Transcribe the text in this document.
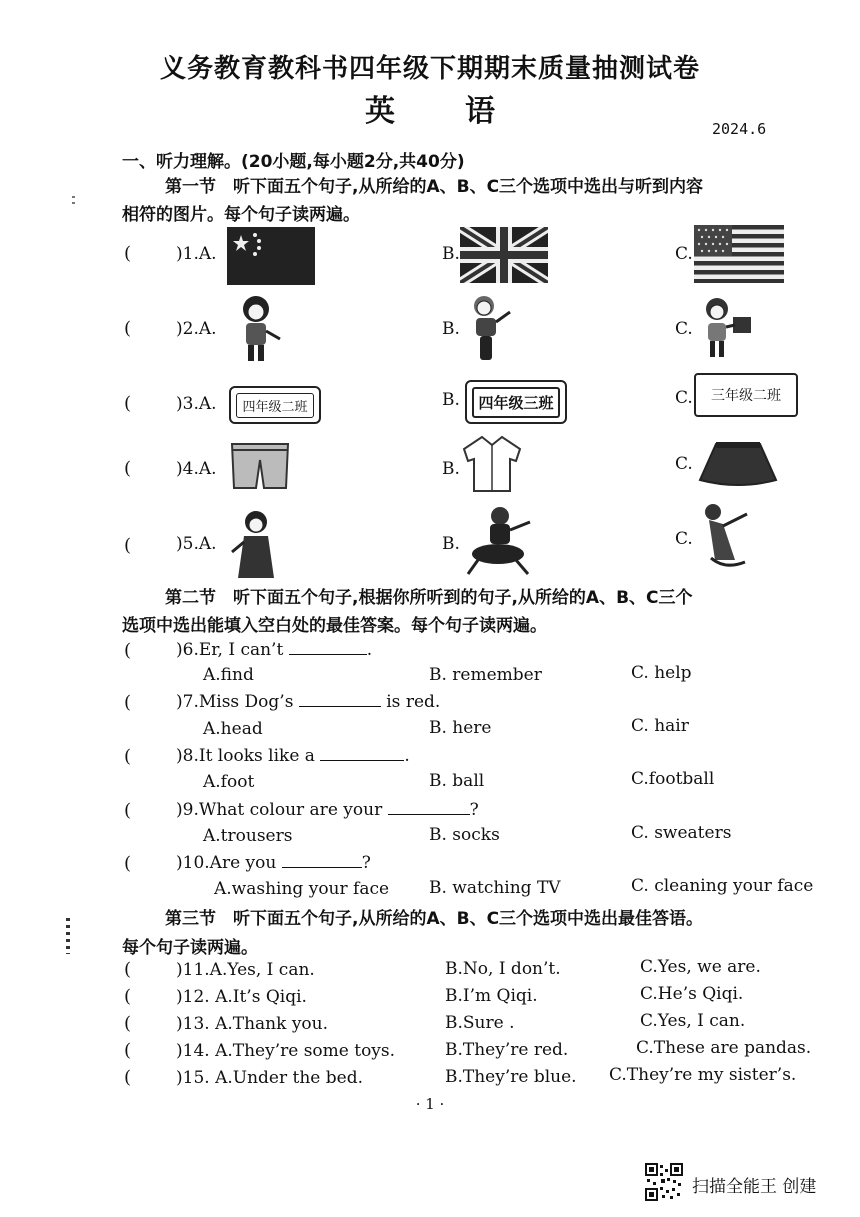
义务教育教科书四年级下期期末质量抽测试卷
英语	2024.6
一、听力理解。(20小题,每小题2分,共40分)
第一节　听下面五个句子,从所给的A、B、C三个选项中选出与听到内容
相符的图片。每个句子读两遍。
(	)1.A.	B.	C.
(	)2.A.	B.	C.
(	)3.A.	四年级二班	B.	四年级三班	C. 三年级二班
(	)4.A.	B.	C.
(	)5.A.	B.	C.
第二节　听下面五个句子,根据你所听到的句子,从所给的A、B、C三个
选项中选出能填入空白处的最佳答案。每个句子读两遍。
(	)6.Er, I can’t	.
A.find	B. remember	C. help
(	)7.Miss Dog’s	is red.
A.head	B. here	C. hair
(	)8.It looks like a	.
A.foot	B. ball	C.football
(	)9.What colour are your	?
A.trousers	B. socks	C. sweaters
(	)10.Are you	?
A.washing your face B. watching TV	C. cleaning your face
第三节　听下面五个句子,从所给的A、B、C三个选项中选出最佳答语。
每个句子读两遍。
(	)11.A.Yes, I can.	B.No, I don’t.	C.Yes, we are.
(	)12. A.It’s Qiqi.	B.I’m Qiqi.	C.He’s Qiqi.
(	)13. A.Thank you.	B.Sure .	C.Yes, I can.
(	)14. A.They’re some toys.	B.They’re red.	C.These are pandas.
(	)15. A.Under the bed.	B.They’re blue. C.They’re my sister’s.
· 1 ·
扫描全能王 创建
